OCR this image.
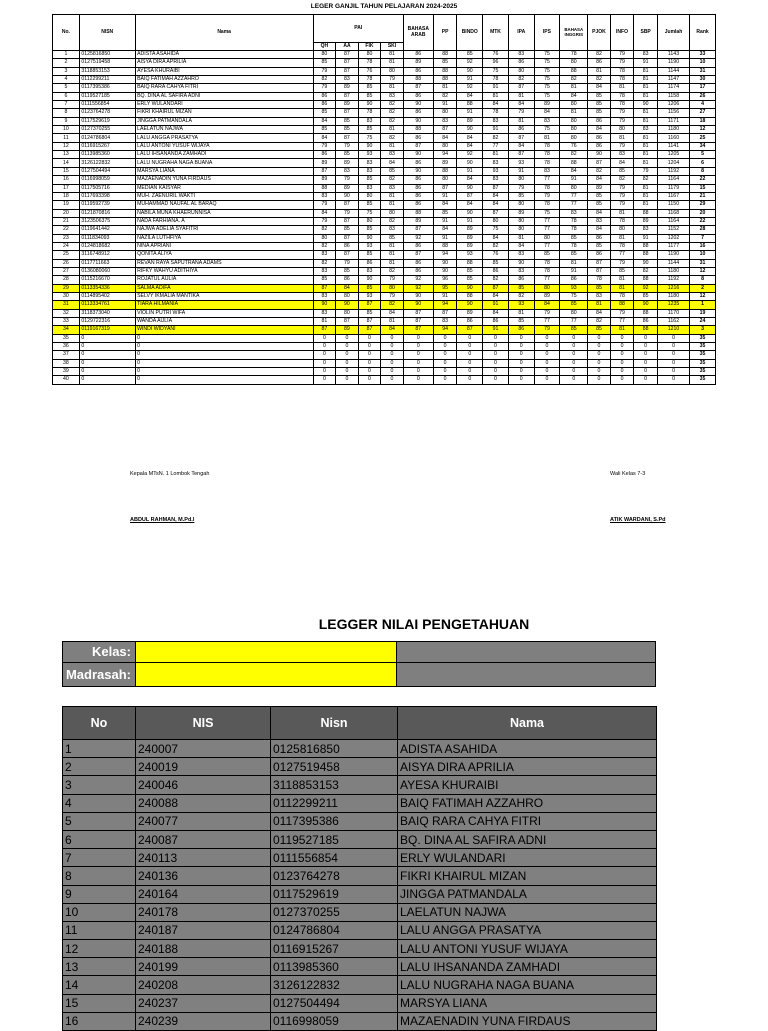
LEGER GANJIL TAHUN PELAJARAN 2024-2025
No.	NISN	Nama	PAI				BAHASA ARAB	PP	BINDO	MTK	IPA	IPS	BAHASA INGGRIS	PJOK	INFO	SBP	Jumlah	Rank
			QH	AA	FIK	SKI												
1	0125816850	ADISTA ASAHIDA	80	87	80	81	86	88	85	76	83	75	78	82	79	83	1143	33
2	0127519458	AISYA DIRA APRILIA	85	87	78	81	89	85	92	96	86	75	80	86	79	91	1190	10
3	3118853153	AYESA KHURAIBI	79	87	76	80	86	88	90	75	80	75	88	81	78	81	1144	31
4	0112299211	BAIQ FATIMAH AZZAHRO	82	83	78	79	88	88	91	78	82	75	82	82	78	81	1147	30
5	0117395386	BAIQ RARA CAHYA FITRI	79	89	85	81	87	81	92	91	87	75	81	84	81	81	1174	17
6	0119527185	BQ. DINA AL SAFIRA ADNI	86	87	85	83	86	82	84	81	81	75	84	85	78	81	1158	26
7	0111556854	ERLY WULANDARI	86	89	90	82	90	91	88	84	84	89	80	85	78	90	1206	4
8	0123764278	FIKRI KHAIRUL MIZAN	85	87	78	82	86	80	91	78	79	84	81	85	79	81	1156	27
9	0117529619	JINGGA PATMANDALA	84	85	83	82	90	83	89	83	81	83	80	86	79	81	1171	18
10	0127370255	LAELATUN NAJWA	85	85	85	81	88	87	90	91	86	75	80	84	80	83	1180	12
11	0124786804	LALU ANGGA PRASATYA	84	87	75	82	86	84	84	82	87	81	80	86	81	81	1160	25
12	0116915267	LALU ANTONI YUSUF WIJAYA	79	79	90	81	87	80	84	77	84	78	76	86	79	81	1141	34
13	0113985360	LALU IHSANANDA ZAMHADI	86	85	93	83	90	94	92	81	87	78	82	90	83	81	1205	5
14	3126122832	LALU NUGRAHA NAGA BUANA	89	89	83	84	86	89	90	83	93	78	88	87	84	81	1204	6
15	0127504494	MARSYA LIANA	87	83	83	85	90	88	91	93	91	83	84	82	85	79	1192	8
16	0116998059	MAZAENADIN YUNA FIRDAUS	89	79	85	82	86	80	84	83	80	77	91	84	82	82	1164	22
17	0117505716	MEDIAN KAISYAR	88	89	83	83	86	87	90	87	79	78	80	89	79	81	1179	15
18	0117693398	MUH. ZAENURIL WAKTI	83	90	80	81	86	91	87	84	85	79	77	85	79	81	1167	21
19	0119592739	MUHAMMAD NAUFAL AL BARAQ	79	87	85	81	86	84	84	84	80	78	77	85	79	81	1150	29
20	0121870816	NABILA MUNA KHAERUNNISA	84	79	75	80	88	85	90	87	89	75	83	84	81	88	1168	20
21	3123506375	NADA FARHIANA. A	79	87	80	82	89	91	91	80	80	77	78	83	78	89	1164	22
22	0119641442	NAJWA ADELIA SYAFITRI	82	85	85	83	87	84	89	75	80	77	78	84	80	83	1152	28
23	0111834093	NAZILA LUTHFIYA	80	87	90	85	92	91	89	84	81	80	85	86	81	91	1202	7
24	0124818682	NINA APRIANI	82	86	93	81	86	88	89	82	84	77	78	85	78	88	1177	16
25	3116748912	QONITA ALIYA	83	87	85	81	87	94	93	76	83	85	85	86	77	88	1190	10
26	0117711663	REVAN RAYA SAPUTRANA ADAMS	82	79	86	81	86	90	88	85	90	78	81	87	79	90	1144	31
27	0136080060	RIFKY WAHYU ADITHIYA	83	85	83	82	86	90	85	86	83	78	91	87	85	82	1180	12
28	0115216670	ROJATUL AULIA	85	86	90	79	92	96	85	82	86	77	86	78	81	88	1192	8
29	0113354336	SALMA ADIFA	87	84	85	80	92	95	90	87	85	80	93	85	81	92	1216	2
30	0114895402	SELVY IKMALIA MANTIKA	83	80	93	79	90	91	88	84	82	89	75	83	78	85	1180	12
31	0113334761	TIARA HILMANIA	90	90	87	82	90	94	90	91	93	84	85	81	88	90	1235	1
32	3118373040	VIOLIN PUTRI WIFA	83	80	85	84	87	87	89	84	81	79	80	84	79	88	1170	19
33	0129722316	WANDA AULIA	81	87	87	81	87	83	86	86	85	77	77	82	77	86	1162	24
34	0119167319	WINDI WIDYANI	87	89	87	84	87	94	87	91	86	79	85	85	81	88	1210	3
35	0	0	0	0	0	0	0	0	0	0	0	0	0	0	0	0	0	35
36	0	0	0	0	0	0	0	0	0	0	0	0	0	0	0	0	0	35
37	0	0	0	0	0	0	0	0	0	0	0	0	0	0	0	0	0	35
38	0	0	0	0	0	0	0	0	0	0	0	0	0	0	0	0	0	35
39	0	0	0	0	0	0	0	0	0	0	0	0	0	0	0	0	0	35
40	0	0	0	0	0	0	0	0	0	0	0	0	0	0	0	0	0	35
Kepala MTsN. 1 Lombok Tengah	Wali Kelas 7-3
ABDUL RAHMAN, M.Pd.I	ATIK WARDANI, S.Pd
LEGGER NILAI PENGETAHUAN
Kelas:
Madrasah:
No	NIS	Nisn	Nama
1	240007	0125816850	ADISTA ASAHIDA
2	240019	0127519458	AISYA DIRA APRILIA
3	240046	3118853153	AYESA KHURAIBI
4	240088	0112299211	BAIQ FATIMAH AZZAHRO
5	240077	0117395386	BAIQ RARA CAHYA FITRI
6	240087	0119527185	BQ. DINA AL SAFIRA ADNI
7	240113	0111556854	ERLY WULANDARI
8	240136	0123764278	FIKRI KHAIRUL MIZAN
9	240164	0117529619	JINGGA PATMANDALA
10	240178	0127370255	LAELATUN NAJWA
11	240187	0124786804	LALU ANGGA PRASATYA
12	240188	0116915267	LALU ANTONI YUSUF WIJAYA
13	240199	0113985360	LALU IHSANANDA ZAMHADI
14	240208	3126122832	LALU NUGRAHA NAGA BUANA
15	240237	0127504494	MARSYA LIANA
16	240239	0116998059	MAZAENADIN YUNA FIRDAUS
